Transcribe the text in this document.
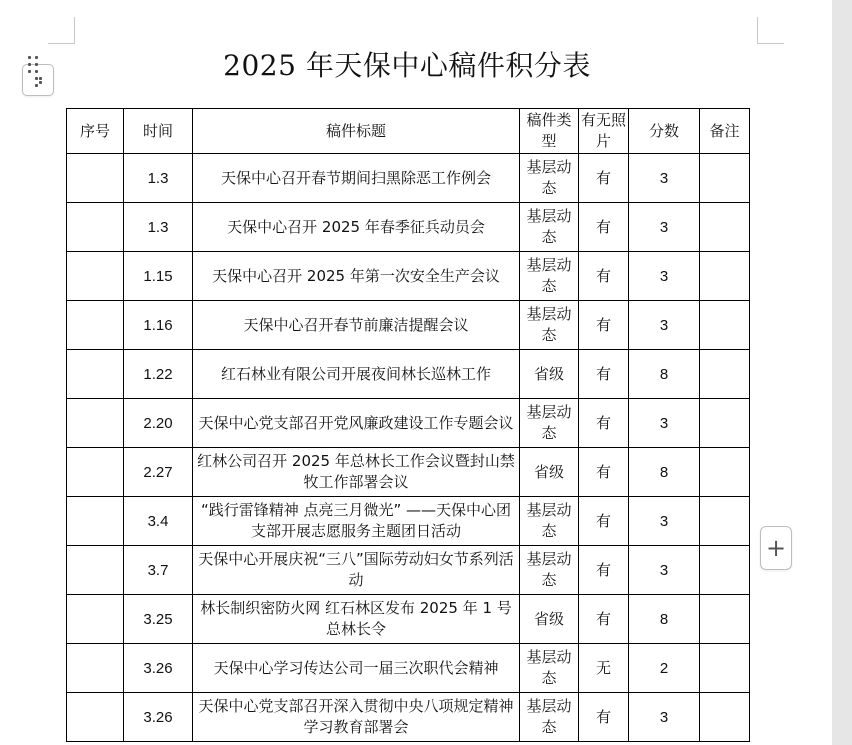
2025 年天保中心稿件积分表
序号	时间	稿件标题	稿件类型	有无照片	分数	备注
	1.3	天保中心召开春节期间扫黑除恶工作例会	基层动态	有	3	
	1.3	天保中心召开 2025 年春季征兵动员会	基层动态	有	3	
	1.15	天保中心召开 2025 年第一次安全生产会议	基层动态	有	3	
	1.16	天保中心召开春节前廉洁提醒会议	基层动态	有	3	
	1.22	红石林业有限公司开展夜间林长巡林工作	省级	有	8	
	2.20	天保中心党支部召开党风廉政建设工作专题会议	基层动态	有	3	
	2.27	红林公司召开 2025 年总林长工作会议暨封山禁牧工作部署会议	省级	有	8	
	3.4	“践行雷锋精神 点亮三月微光” ——天保中心团支部开展志愿服务主题团日活动	基层动态	有	3	
	3.7	天保中心开展庆祝“三八”国际劳动妇女节系列活动	基层动态	有	3	
	3.25	林长制织密防火网 红石林区发布 2025 年 1 号总林长令	省级	有	8	
	3.26	天保中心学习传达公司一届三次职代会精神	基层动态	无	2	
	3.26	天保中心党支部召开深入贯彻中央八项规定精神学习教育部署会	基层动态	有	3	
+
